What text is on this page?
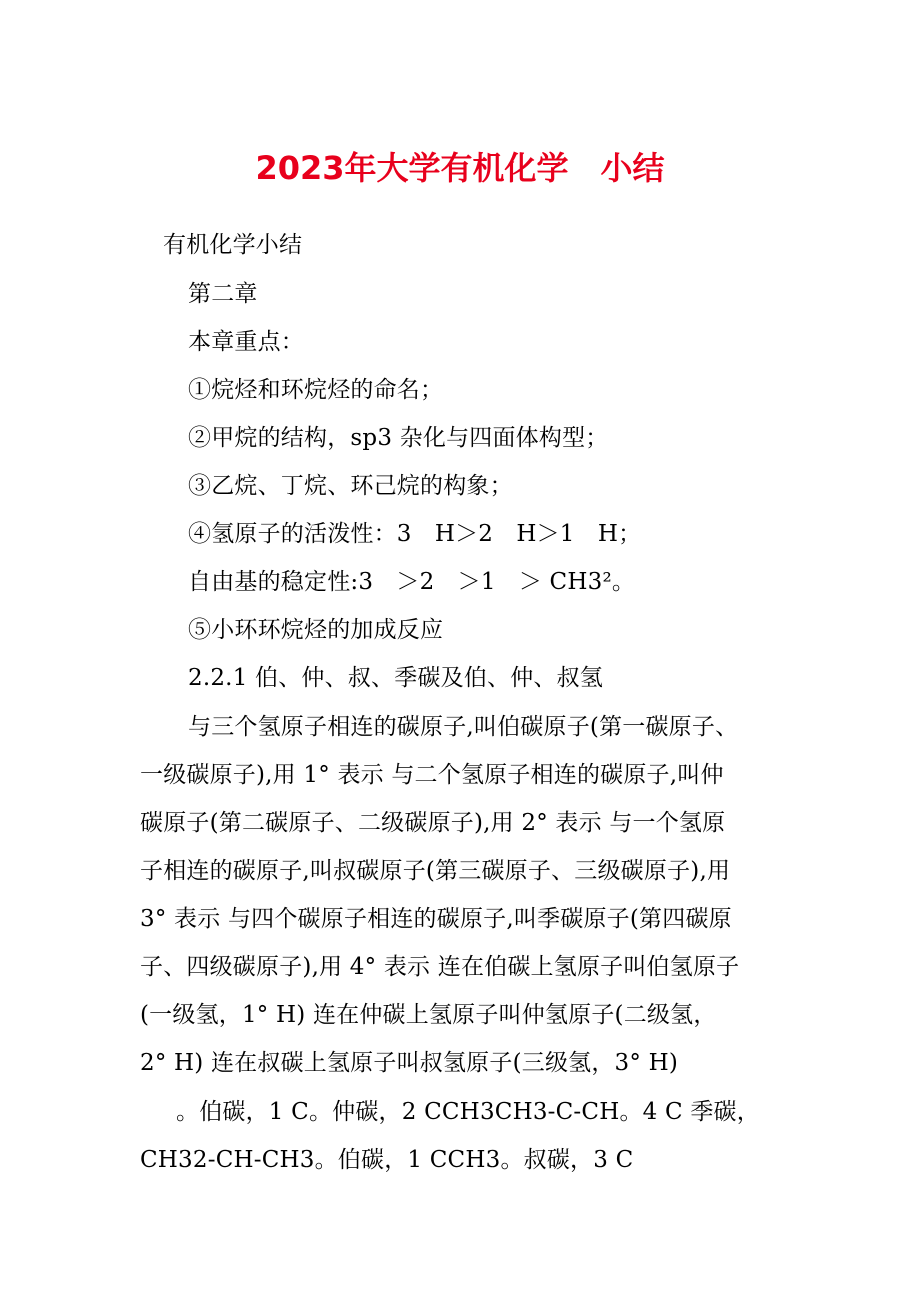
2023年大学有机化学　小结
有机化学小结
第二章
本章重点：
①烷烃和环烷烃的命名；
②甲烷的结构，sp3 杂化与四面体构型；
③乙烷、丁烷、环己烷的构象；
④氢原子的活泼性：3　H＞2　H＞1　H；
自由基的稳定性:3　＞2　＞1　＞ CH3²。
⑤小环环烷烃的加成反应
2.2.1 伯、仲、叔、季碳及伯、仲、叔氢
与三个氢原子相连的碳原子,叫伯碳原子(第一碳原子、
一级碳原子),用 1° 表示 与二个氢原子相连的碳原子,叫仲
碳原子(第二碳原子、二级碳原子),用 2° 表示 与一个氢原
子相连的碳原子,叫叔碳原子(第三碳原子、三级碳原子),用
3° 表示 与四个碳原子相连的碳原子,叫季碳原子(第四碳原
子、四级碳原子),用 4° 表示 连在伯碳上氢原子叫伯氢原子
(一级氢，1° H) 连在仲碳上氢原子叫仲氢原子(二级氢，
2° H) 连在叔碳上氢原子叫叔氢原子(三级氢，3° H)
。伯碳，1 C。仲碳，2 CCH3CH3-C-CH。4 C 季碳，
CH32-CH-CH3。伯碳，1 CCH3。叔碳，3 C
